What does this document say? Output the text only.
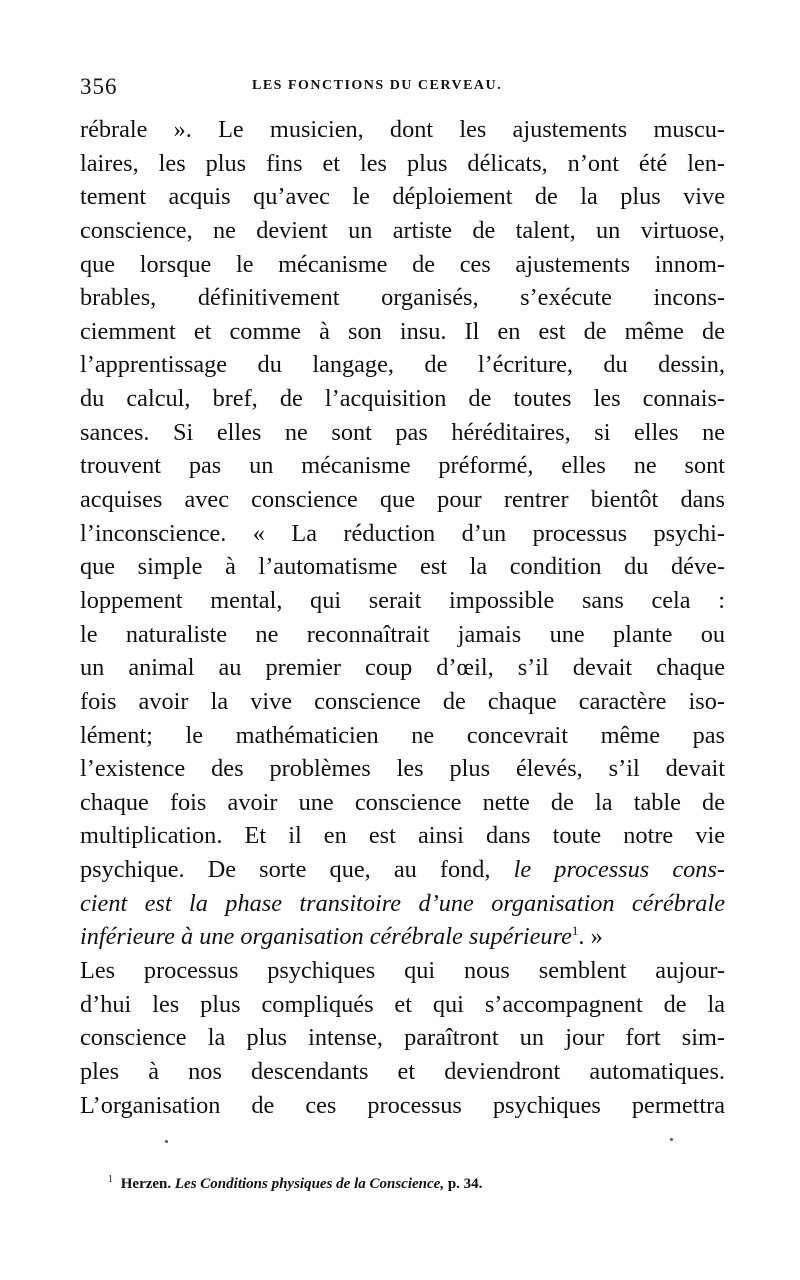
356	LES FONCTIONS DU CERVEAU.
rébrale ». Le musicien, dont les ajustements muscu-
laires, les plus fins et les plus délicats, n’ont été len-
tement acquis qu’avec le déploiement de la plus vive
conscience, ne devient un artiste de talent, un virtuose,
que lorsque le mécanisme de ces ajustements innom-
brables, définitivement organisés, s’exécute incons-
ciemment et comme à son insu. Il en est de même de
l’apprentissage du langage, de l’écriture, du dessin,
du calcul, bref, de l’acquisition de toutes les connais-
sances. Si elles ne sont pas héréditaires, si elles ne
trouvent pas un mécanisme préformé, elles ne sont
acquises avec conscience que pour rentrer bientôt dans
l’inconscience. « La réduction d’un processus psychi-
que simple à l’automatisme est la condition du déve-
loppement mental, qui serait impossible sans cela :
le naturaliste ne reconnaîtrait jamais une plante ou
un animal au premier coup d’œil, s’il devait chaque
fois avoir la vive conscience de chaque caractère iso-
lément; le mathématicien ne concevrait même pas
l’existence des problèmes les plus élevés, s’il devait
chaque fois avoir une conscience nette de la table de
multiplication. Et il en est ainsi dans toute notre vie
psychique. De sorte que, au fond, le processus cons-
cient est la phase transitoire d’une organisation cérébrale
inférieure à une organisation cérébrale supérieure$^1$. »
Les processus psychiques qui nous semblent aujour-
d’hui les plus compliqués et qui s’accompagnent de la
conscience la plus intense, paraîtront un jour fort sim-
ples à nos descendants et deviendront automatiques.
L’organisation de ces processus psychiques permettra
$^1$ Herzen. Les Conditions physiques de la Conscience, p. 34.
